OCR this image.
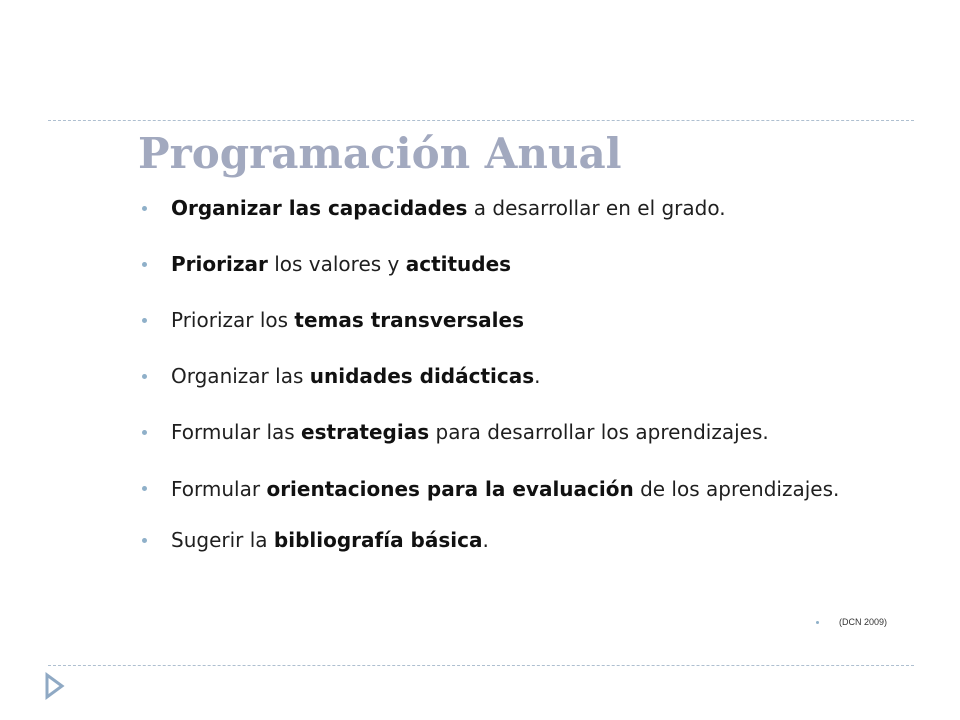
Programación Anual
Organizar las capacidades a desarrollar en el grado.
Priorizar los valores y actitudes
Priorizar los temas transversales
Organizar las unidades didácticas.
Formular las estrategias para desarrollar los aprendizajes.
Formular orientaciones para la evaluación de los aprendizajes.
Sugerir la bibliografía básica.
(DCN 2009)
